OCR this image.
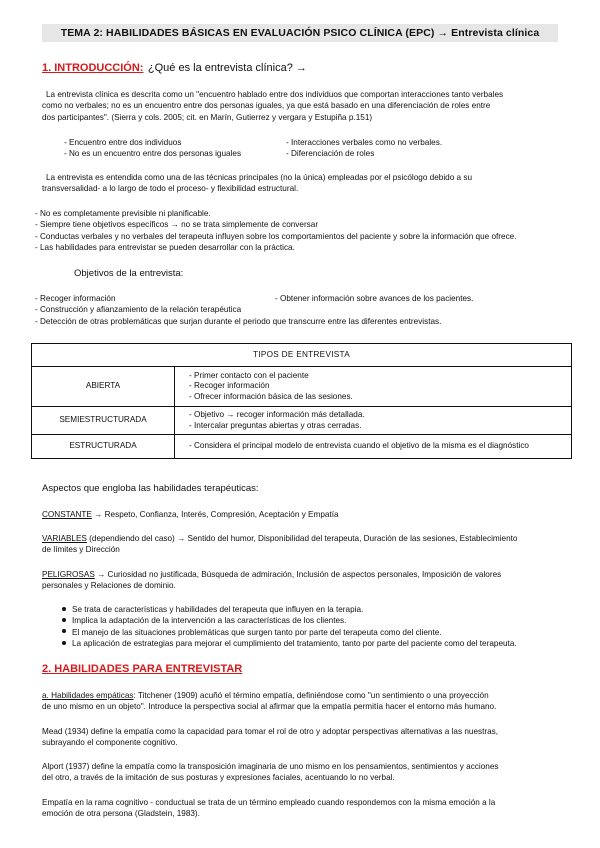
TEMA 2: HABILIDADES BÁSICAS EN EVALUACIÓN PSICO CLÍNICA (EPC) → Entrevista clínica
1. INTRODUCCIÓN: ¿Qué es la entrevista clínica? →
La entrevista clínica es descrita como un "encuentro hablado entre dos individuos que comportan interacciones tanto verbales
como no verbales; no es un encuentro entre dos personas iguales, ya que está basado en una diferenciación de roles entre
dos participantes". (Sierra y cols. 2005; cit. en Marín, Gutierrez y vergara y Estupiña p.151)
- Encuentro entre dos individuos	- Interacciones verbales como no verbales.
- No es un encuentro entre dos personas iguales	- Diferenciación de roles
La entrevista es entendida como una de las técnicas principales (no la única) empleadas por el psicólogo debido a su
transversalidad- a lo largo de todo el proceso- y flexibilidad estructural.
- No es completamente previsible ni planificable.
- Siempre tiene objetivos específicos → no se trata simplemente de conversar
- Conductas verbales y no verbales del terapeuta influyen sobre los comportamientos del paciente y sobre la información que ofrece.
- Las habilidades para entrevistar se pueden desarrollar con la práctica.
Objetivos de la entrevista:
- Recoger información	- Obtener información sobre avances de los pacientes.
- Construcción y afianzamiento de la relación terapéutica
- Detección de otras problemáticas que surjan durante el periodo que transcurre entre las diferentes entrevistas.
TIPOS DE ENTREVISTA	
ABIERTA	- Primer contacto con el paciente
- Recoger información
- Ofrecer información básica de las sesiones.

SEMIESTRUCTURADA	- Objetivo → recoger información más detallada.
- Intercalar preguntas abiertas y otras cerradas.

ESTRUCTURADA	- Considera el principal modelo de entrevista cuando el objetivo de la misma es el diagnóstico
Aspectos que engloba las habilidades terapéuticas:
CONSTANTE → Respeto, Confianza, Interés, Compresión, Aceptación y Empatía
VARIABLES (dependiendo del caso) → Sentido del humor, Disponibilidad del terapeuta, Duración de las sesiones, Establecimiento
de límites y Dirección
PELIGROSAS → Curiosidad no justificada, Búsqueda de admiración, Inclusión de aspectos personales, Imposición de valores
personales y Relaciones de dominio.
Se trata de características y habilidades del terapeuta que influyen en la terapia.
Implica la adaptación de la intervención a las características de los clientes.
El manejo de las situaciones problemáticas que surgen tanto por parte del terapeuta como del cliente.
La aplicación de estrategias para mejorar el cumplimiento del tratamiento, tanto por parte del paciente como del terapeuta.
2. HABILIDADES PARA ENTREVISTAR
a. Habilidades empáticas: Titchener (1909) acuñó el término empatía, definiéndose como "un sentimiento o una proyección
de uno mismo en un objeto". Introduce la perspectiva social al afirmar que la empatía permitía hacer el entorno más humano.
Mead (1934) define la empatía como la capacidad para tomar el rol de otro y adoptar perspectivas alternativas a las nuestras,
subrayando el componente cognitivo.
Alport (1937) define la empatía como la transposición imaginaria de uno mismo en los pensamientos, sentimientos y acciones
del otro, a través de la imitación de sus posturas y expresiones faciales, acentuando lo no verbal.
Empatía en la rama cognitivo - conductual se trata de un término empleado cuando respondemos con la misma emoción a la
emoción de otra persona (Gladstein, 1983).
